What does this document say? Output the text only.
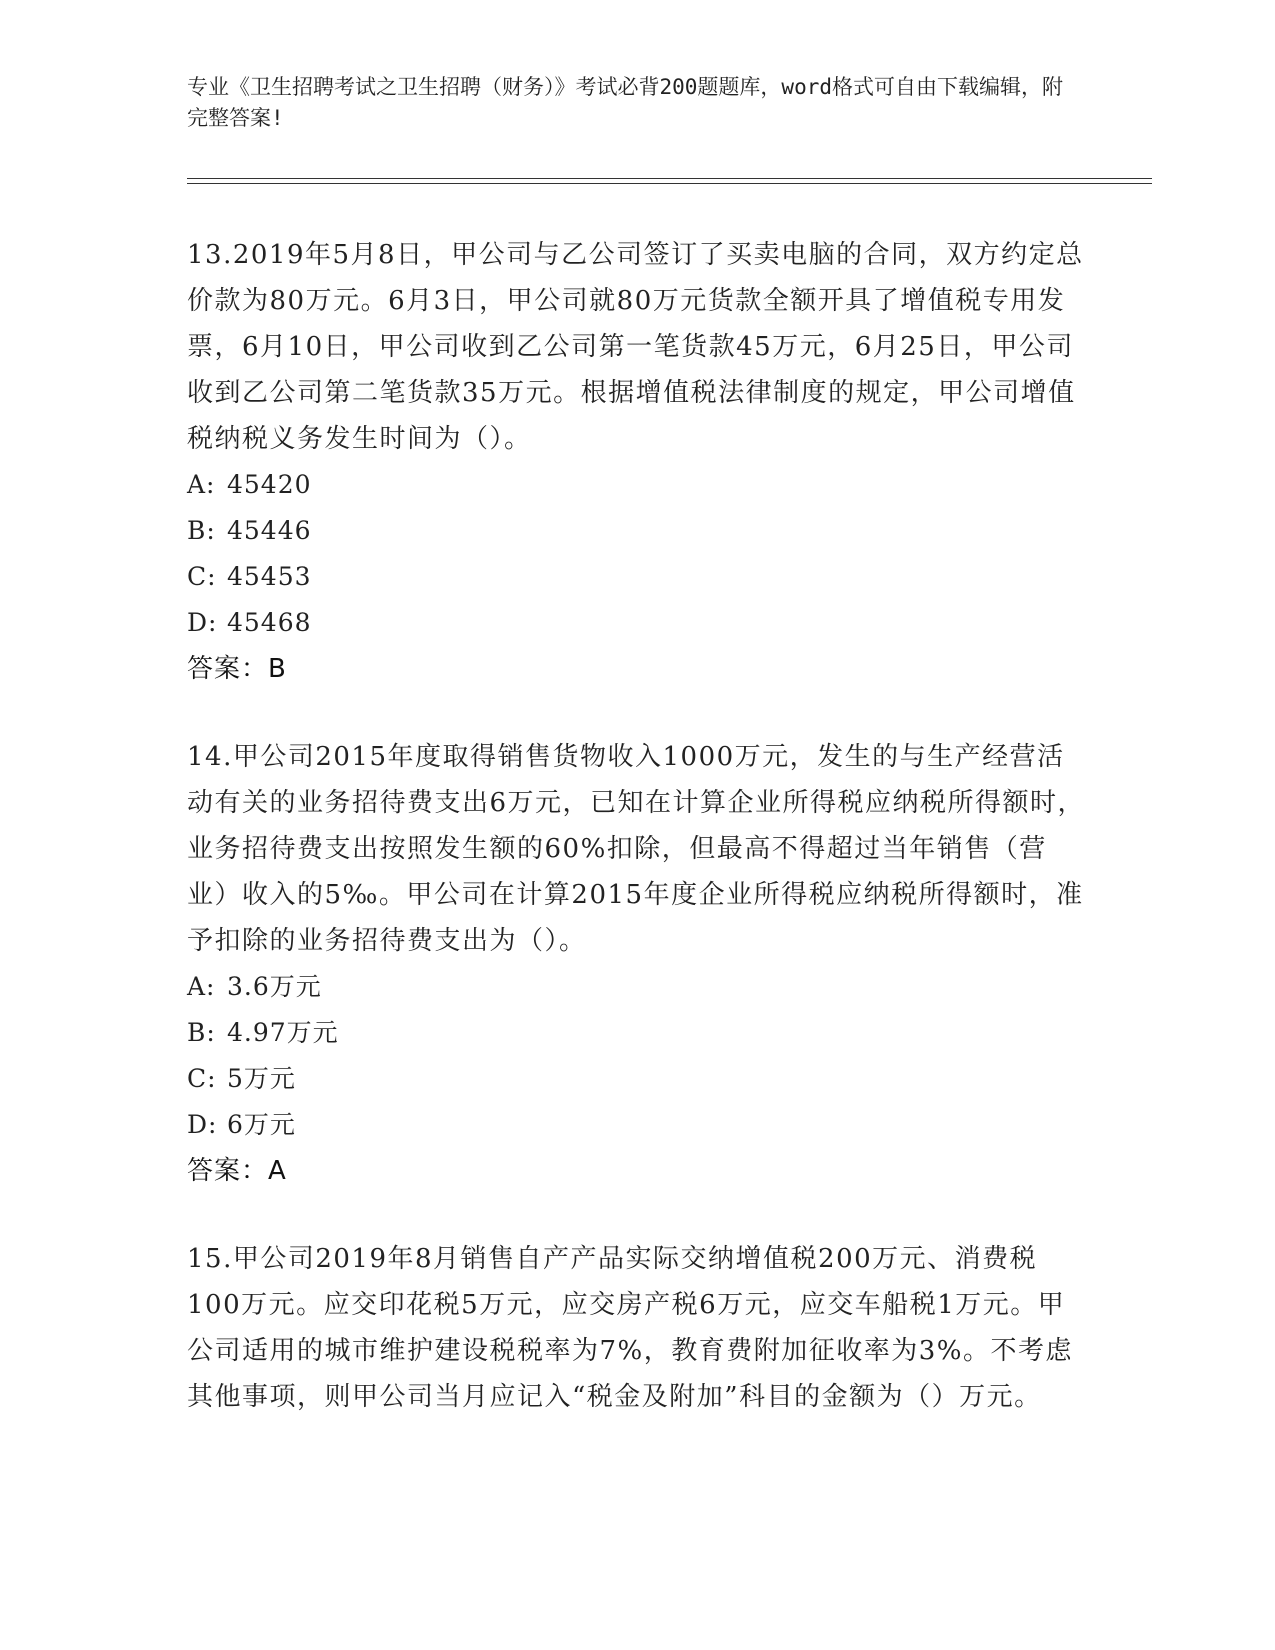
专业《卫生招聘考试之卫生招聘（财务）》考试必背200题题库，word格式可自由下载编辑，附完整答案!

13.2019年5月8日，甲公司与乙公司签订了买卖电脑的合同，双方约定总价款为80万元。6月3日，甲公司就80万元货款全额开具了增值税专用发票，6月10日，甲公司收到乙公司第一笔货款45万元，6月25日，甲公司收到乙公司第二笔货款35万元。根据增值税法律制度的规定，甲公司增值税纳税义务发生时间为（）。

A: 45420
B: 45446
C: 45453
D: 45468
答案：B

14.甲公司2015年度取得销售货物收入1000万元，发生的与生产经营活动有关的业务招待费支出6万元，已知在计算企业所得税应纳税所得额时，业务招待费支出按照发生额的60%扣除，但最高不得超过当年销售（营业）收入的5‰。甲公司在计算2015年度企业所得税应纳税所得额时，准予扣除的业务招待费支出为（）。

A: 3.6万元
B: 4.97万元
C: 5万元
D: 6万元
答案：A

15.甲公司2019年8月销售自产产品实际交纳增值税200万元、消费税100万元。应交印花税5万元，应交房产税6万元，应交车船税1万元。甲公司适用的城市维护建设税税率为7%，教育费附加征收率为3%。不考虑其他事项，则甲公司当月应记入“税金及附加”科目的金额为（）万元。
